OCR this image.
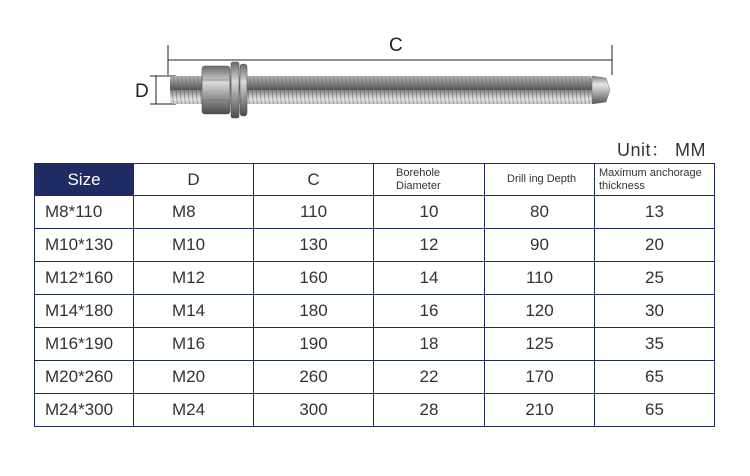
C
D
Unit： MM
Size	D	C	Borehole Diameter	Drill ing Depth	Maximum anchorage thickness
M8*110	M8	110	10	80	13
M10*130	M10	130	12	90	20
M12*160	M12	160	14	110	25
M14*180	M14	180	16	120	30
M16*190	M16	190	18	125	35
M20*260	M20	260	22	170	65
M24*300	M24	300	28	210	65
